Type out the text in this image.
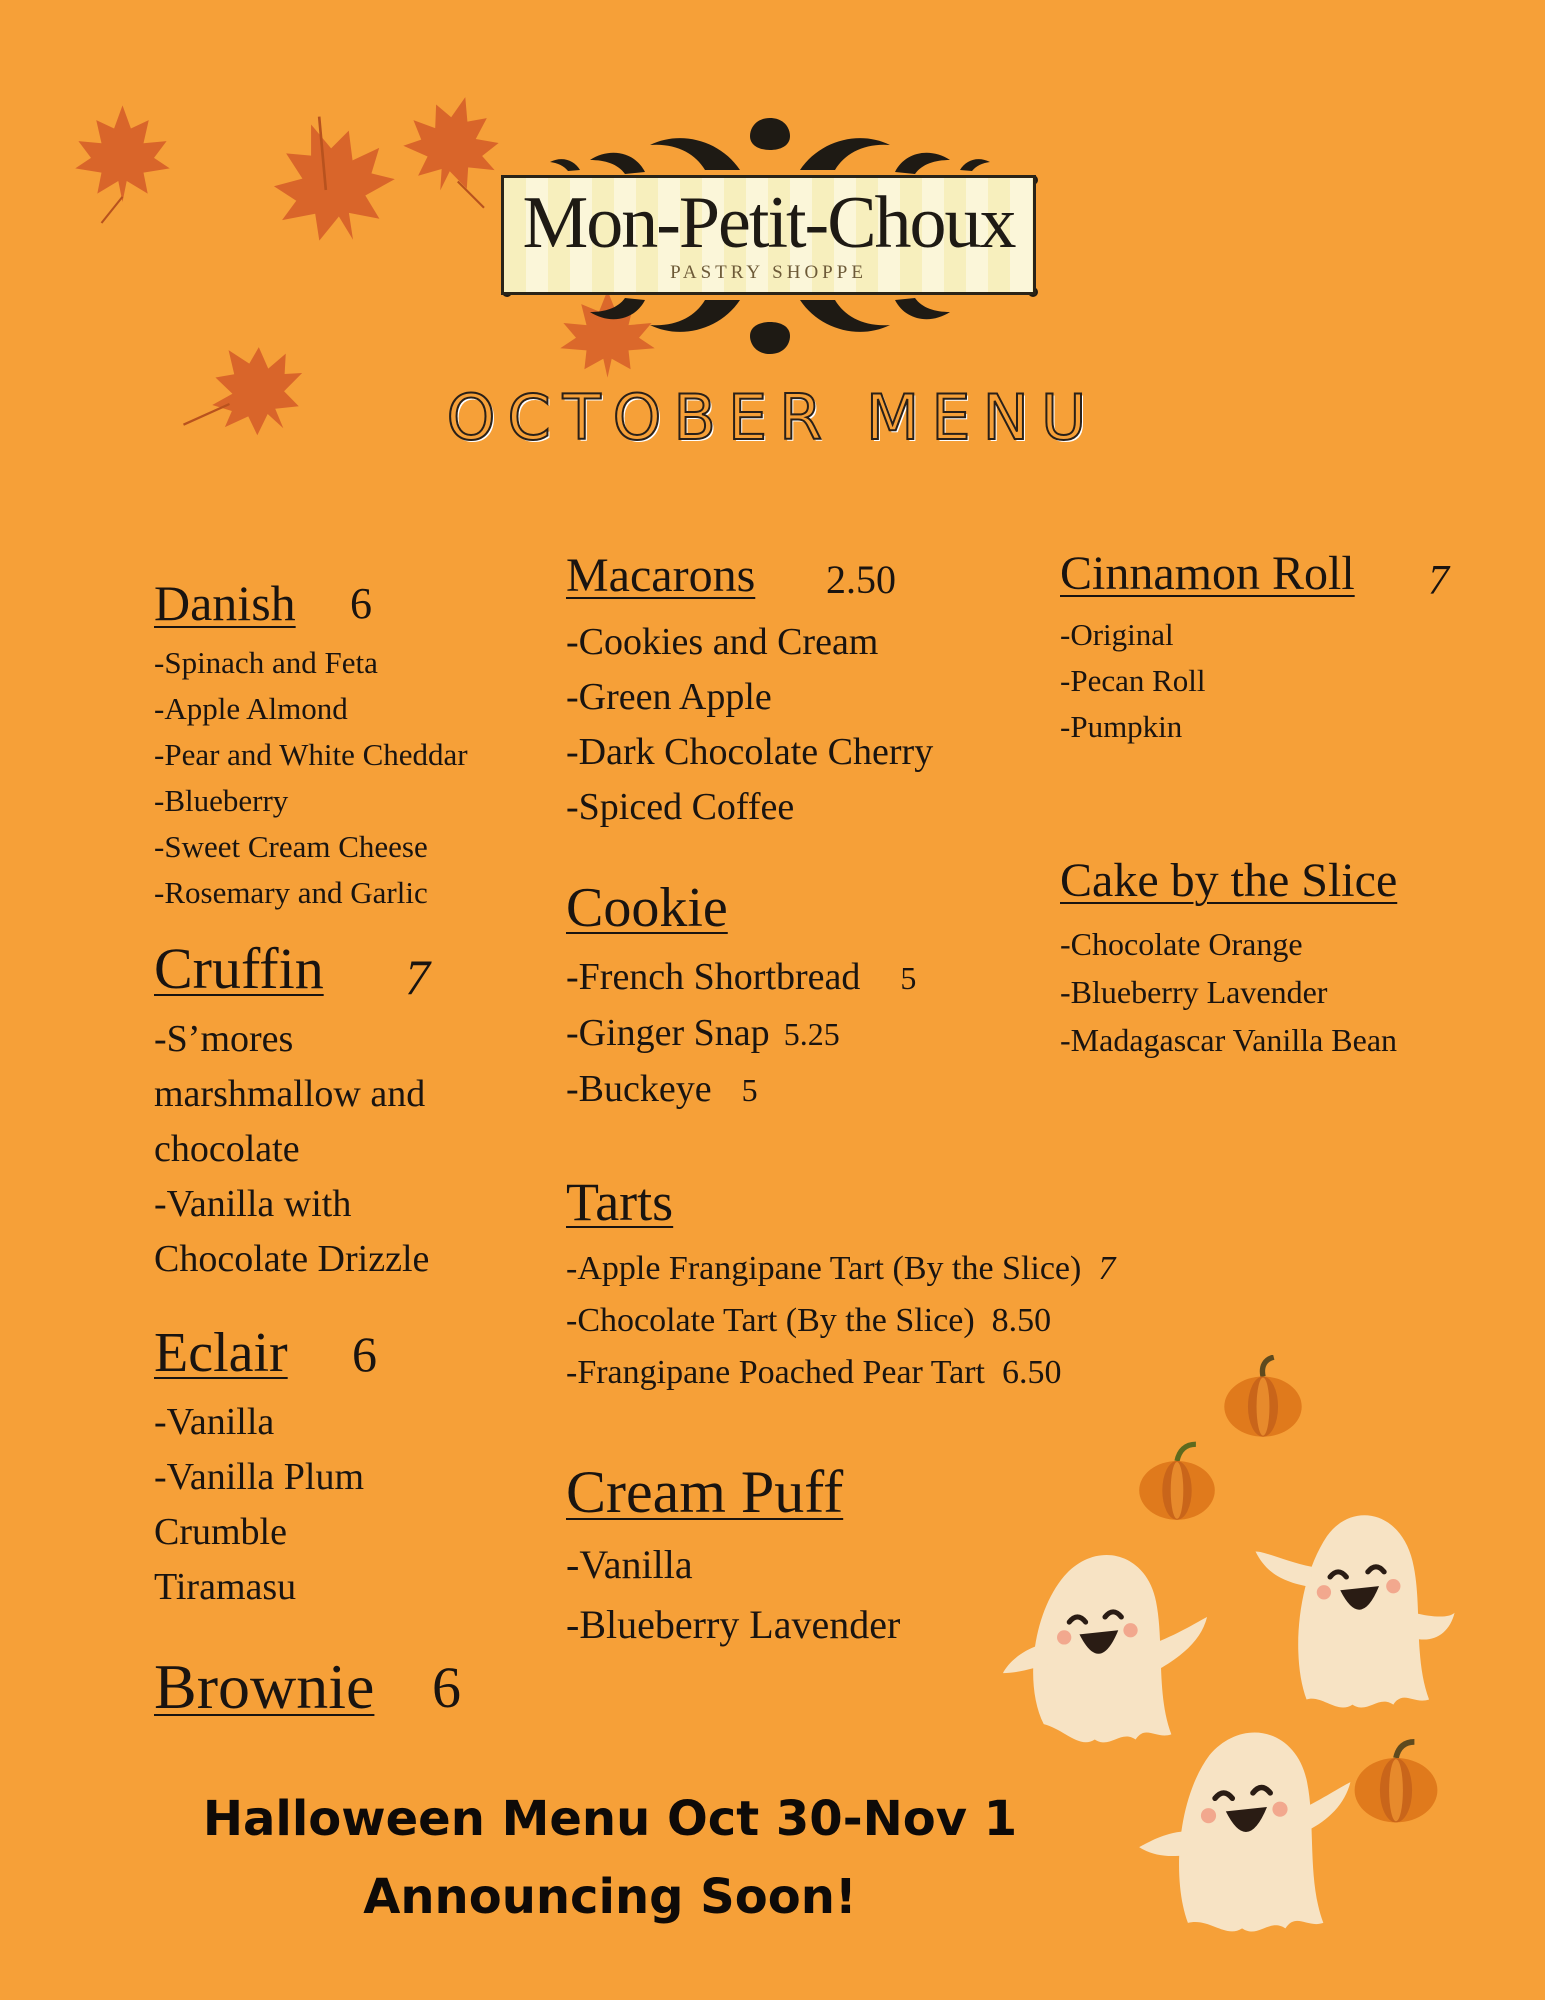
Mon-Petit-Choux
PASTRY SHOPPE
OCTOBER MENU
Danish 6
-Spinach and Feta
-Apple Almond
-Pear and White Cheddar
-Blueberry
-Sweet Cream Cheese
-Rosemary and Garlic
Cruffin 7
-S’mores
marshmallow and
chocolate
-Vanilla with
Chocolate Drizzle
Eclair 6
-Vanilla
-Vanilla Plum
Crumble
Tiramasu
Brownie 6
Macarons 2.50
-Cookies and Cream
-Green Apple
-Dark Chocolate Cherry
-Spiced Coffee
Cookie
-French Shortbread 5
-Ginger Snap 5.25
-Buckeye 5
Tarts
-Apple Frangipane Tart (By the Slice) 7
-Chocolate Tart (By the Slice) 8.50
-Frangipane Poached Pear Tart 6.50
Cream Puff
-Vanilla
-Blueberry Lavender
Cinnamon Roll 7
-Original
-Pecan Roll
-Pumpkin
Cake by the Slice
-Chocolate Orange
-Blueberry Lavender
-Madagascar Vanilla Bean
Halloween Menu Oct 30-Nov 1
Announcing Soon!
